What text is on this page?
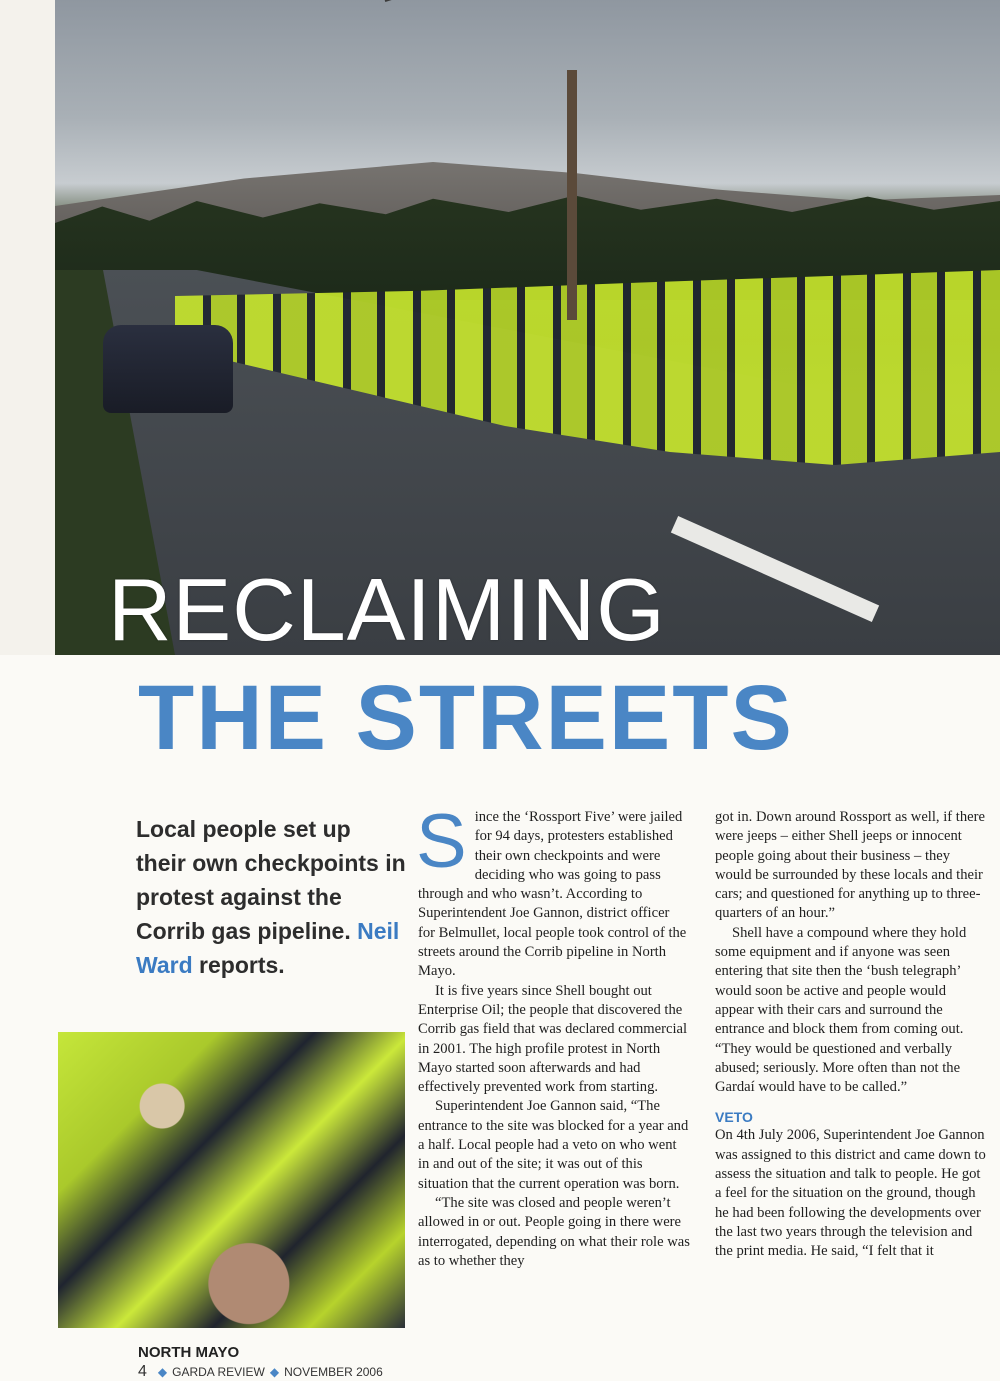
RECLAIMING
THE STREETS
Local people set up their own checkpoints in protest against the Corrib gas pipeline. Neil Ward reports.

Since the ‘Rossport Five’ were jailed for 94 days, protesters established their own checkpoints and were deciding who was going to pass through and who wasn’t. According to Superintendent Joe Gannon, district officer for Belmullet, local people took control of the streets around the Corrib pipeline in North Mayo.

It is five years since Shell bought out Enterprise Oil; the people that discovered the Corrib gas field that was declared commercial in 2001. The high profile protest in North Mayo started soon afterwards and had effectively prevented work from starting.

Superintendent Joe Gannon said, “The entrance to the site was blocked for a year and a half. Local people had a veto on who went in and out of the site; it was out of this situation that the current operation was born.

“The site was closed and people weren’t allowed in or out. People going in there were interrogated, depending on what their role was as to whether they

got in. Down around Rossport as well, if there were jeeps – either Shell jeeps or innocent people going about their business – they would be surrounded by these locals and their cars; and questioned for anything up to three-quarters of an hour.”

Shell have a compound where they hold some equipment and if anyone was seen entering that site then the ‘bush telegraph’ would soon be active and people would appear with their cars and surround the entrance and block them from coming out. “They would be questioned and verbally abused; seriously. More often than not the Gardaí would have to be called.”

VETO

On 4th July 2006, Superintendent Joe Gannon was assigned to this district and came down to assess the situation and talk to people. He got a feel for the situation on the ground, though he had been following the developments over the last two years through the television and the print media. He said, “I felt that it

NORTH MAYO
4 ◆ GARDA REVIEW ◆ NOVEMBER 2006
